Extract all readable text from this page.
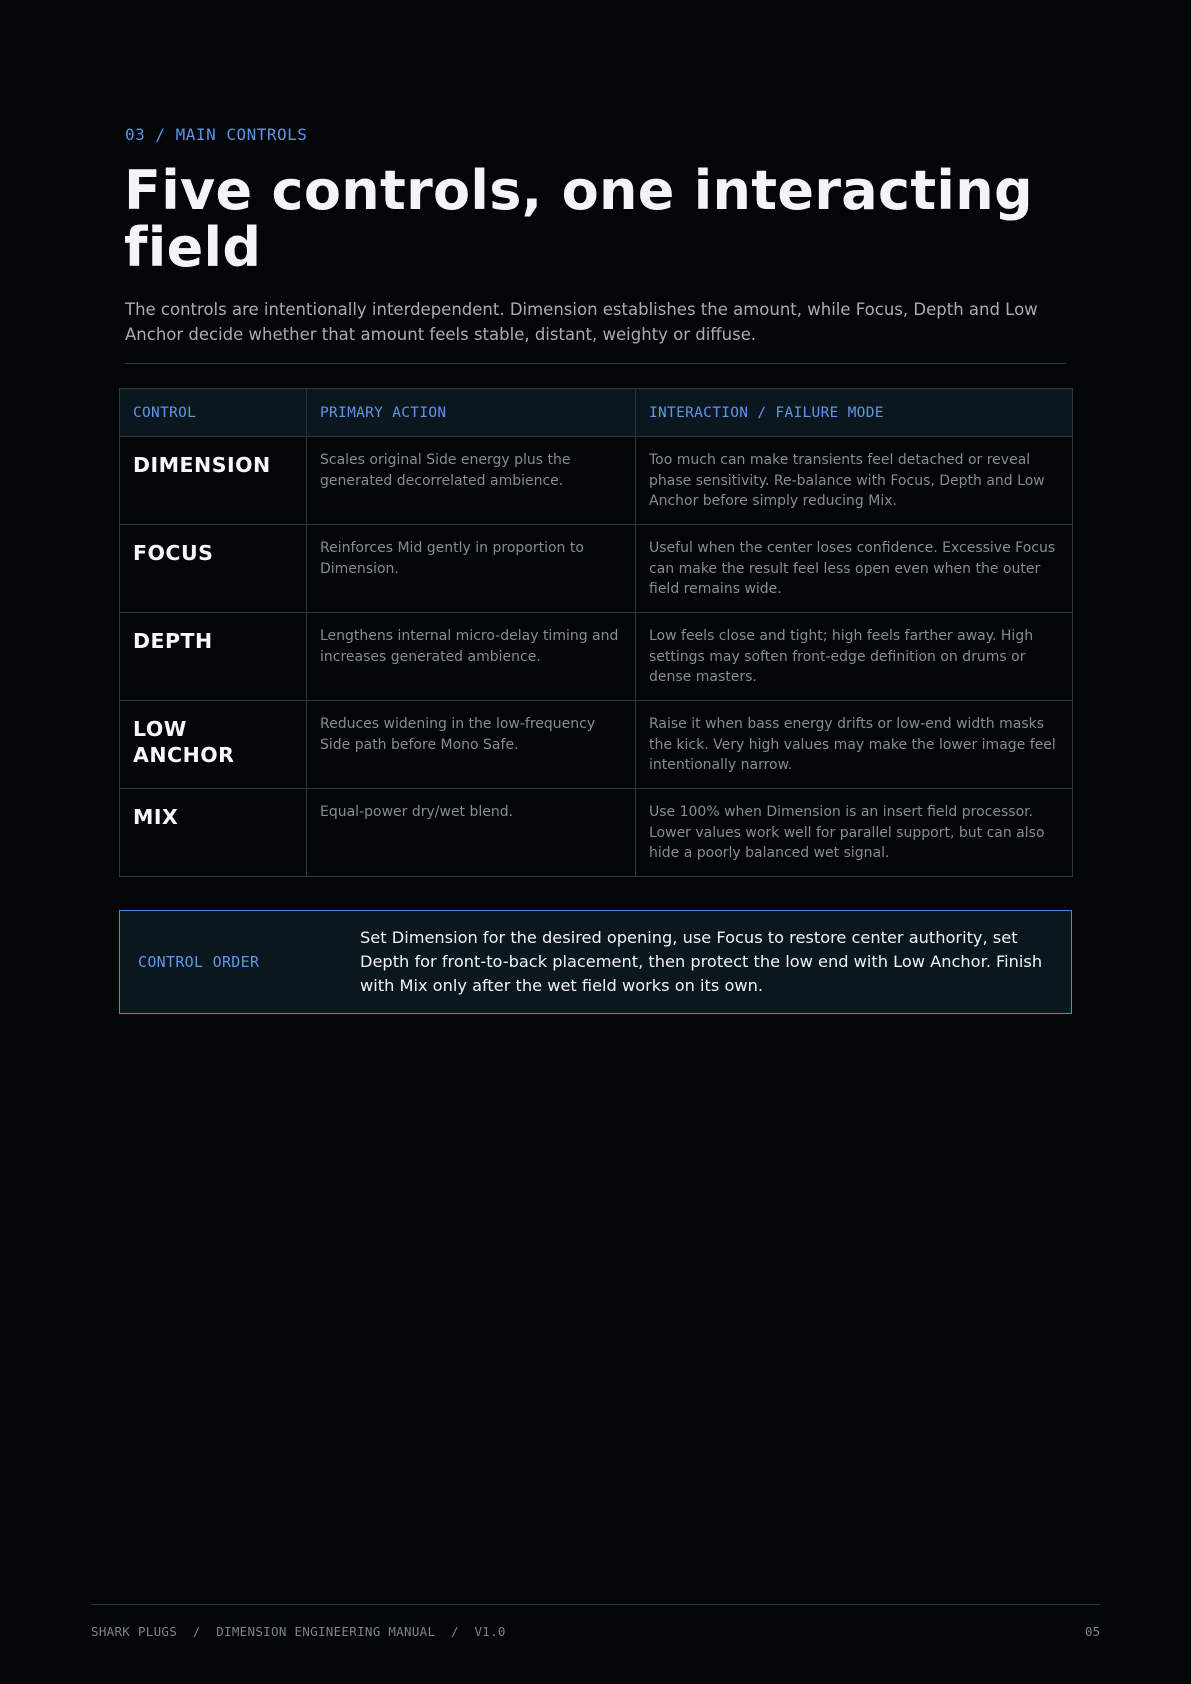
03 / MAIN CONTROLS
Five controls, one interacting field

The controls are intentionally interdependent. Dimension establishes the amount, while Focus, Depth and Low Anchor decide whether that amount feels stable, distant, weighty or diffuse.

CONTROL	PRIMARY ACTION	INTERACTION / FAILURE MODE

DIMENSION	Scales original Side energy plus the generated decorrelated ambience.	Too much can make transients feel detached or reveal phase sensitivity. Re-balance with Focus, Depth and Low Anchor before simply reducing Mix.

FOCUS	Reinforces Mid gently in proportion to Dimension.	Useful when the center loses confidence. Excessive Focus can make the result feel less open even when the outer field remains wide.

DEPTH	Lengthens internal micro-delay timing and increases generated ambience.	Low feels close and tight; high feels farther away. High settings may soften front-edge definition on drums or dense masters.

LOW ANCHOR	Reduces widening in the low-frequency Side path before Mono Safe.	Raise it when bass energy drifts or low-end width masks the kick. Very high values may make the lower image feel intentionally narrow.

MIX	Equal-power dry/wet blend.	Use 100% when Dimension is an insert field processor. Lower values work well for parallel support, but can also hide a poorly balanced wet signal.
CONTROL ORDER
Set Dimension for the desired opening, use Focus to restore center authority, set Depth for front-to-back placement, then protect the low end with Low Anchor. Finish with Mix only after the wet field works on its own.
SHARK PLUGS  /  DIMENSION ENGINEERING MANUAL  /  V1.0	05
